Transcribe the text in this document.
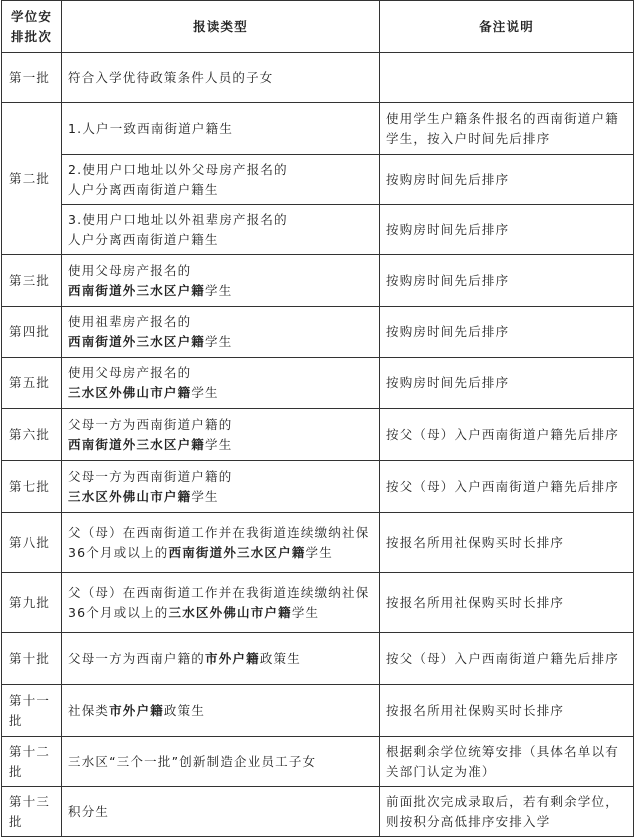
学位安排批次	报读类型	备注说明
第一批	符合入学优待政策条件人员的子女	
第二批	1.人户一致西南街道户籍生	使用学生户籍条件报名的西南街道户籍学生，按入户时间先后排序

	2.使用户口地址以外父母房产报名的
人户分离西南街道户籍生	按购房时间先后排序

	3.使用户口地址以外祖辈房产报名的
人户分离西南街道户籍生	按购房时间先后排序
第三批	使用父母房产报名的
西南街道外三水区户籍学生	按购房时间先后排序
第四批	使用祖辈房产报名的
西南街道外三水区户籍学生	按购房时间先后排序
第五批	使用父母房产报名的
三水区外佛山市户籍学生	按购房时间先后排序
第六批	父母一方为西南街道户籍的
西南街道外三水区户籍学生	按父（母）入户西南街道户籍先后排序
第七批	父母一方为西南街道户籍的
三水区外佛山市户籍学生	按父（母）入户西南街道户籍先后排序
第八批	父（母）在西南街道工作并在我街道连续缴纳社保36个月或以上的西南街道外三水区户籍学生	按报名所用社保购买时长排序
第九批	父（母）在西南街道工作并在我街道连续缴纳社保36个月或以上的三水区外佛山市户籍学生	按报名所用社保购买时长排序
第十批	父母一方为西南户籍的市外户籍政策生	按父（母）入户西南街道户籍先后排序
第十一批	社保类市外户籍政策生	按报名所用社保购买时长排序
第十二批	三水区“三个一批”创新制造企业员工子女	根据剩余学位统筹安排（具体名单以有关部门认定为准）
第十三批	积分生	前面批次完成录取后，若有剩余学位，则按积分高低排序安排入学
